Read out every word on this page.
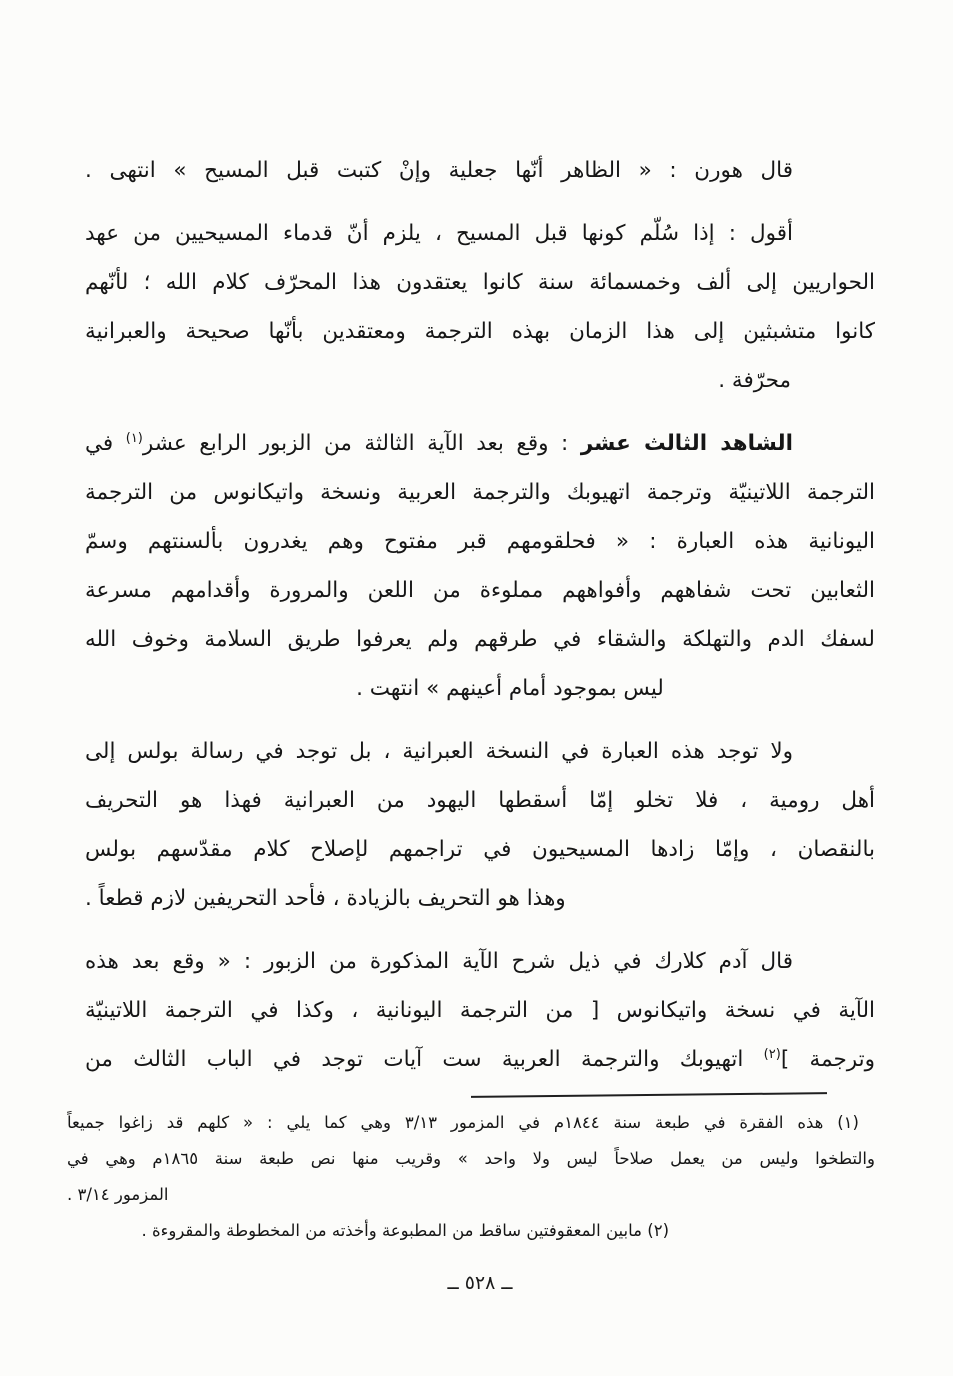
قال هورن : « الظاهر أنّها جعلية وإنْ كتبت قبل المسيح » انتهى .
أقول : إذا سُلّم كونها قبل المسيح ، يلزم أنّ قدماء المسيحيين من عهد
الحواريين إلى ألف وخمسمائة سنة كانوا يعتقدون هذا المحرّف كلام الله ؛ لأنّهم
كانوا متشبثين إلى هذا الزمان بهذه الترجمة ومعتقدين بأنّها صحيحة والعبرانية
محرّفة .
الشاهد الثالث عشر : وقع بعد الآية الثالثة من الزبور الرابع عشر$^{(١)}$ في
الترجمة اللاتينيّة وترجمة اتهيوبك والترجمة العربية ونسخة واتيكانوس من الترجمة
اليونانية هذه العبارة : « فحلقومهم قبر مفتوح وهم يغدرون بألسنتهم وسمّ
الثعابين تحت شفاههم وأفواههم مملوءة من اللعن والمرورة وأقدامهم مسرعة
لسفك الدم والتهلكة والشقاء في طرقهم ولم يعرفوا طريق السلامة وخوف الله
ليس بموجود أمام أعينهم » انتهت .
ولا توجد هذه العبارة في النسخة العبرانية ، بل توجد في رسالة بولس إلى
أهل رومية ، فلا تخلو إمّا أسقطها اليهود من العبرانية فهذا هو التحريف
بالنقصان ، وإمّا زادها المسيحيون في تراجمهم لإصلاح كلام مقدّسهم بولس
وهذا هو التحريف بالزيادة ، فأحد التحريفين لازم قطعاً .
قال آدم كلارك في ذيل شرح الآية المذكورة من الزبور : « وقع بعد هذه
الآية في نسخة واتيكانوس [ من الترجمة اليونانية ، وكذا في الترجمة اللاتينيّة
وترجمة ]$^{(٢)}$ اتهيوبك والترجمة العربية ست آيات توجد في الباب الثالث من
(١) هذه الفقرة في طبعة سنة ١٨٤٤م في المزمور ٣/١٣ وهي كما يلي : « كلهم قد زاغوا جميعاً
والتطخوا وليس من يعمل صلاحاً ليس ولا واحد » وقريب منها نص طبعة سنة ١٨٦٥م وهي في
المزمور ٣/١٤ .
(٢) مابين المعقوفتين ساقط من المطبوعة وأخذته من المخطوطة والمقروءة .
ــ ٥٢٨ ــ
